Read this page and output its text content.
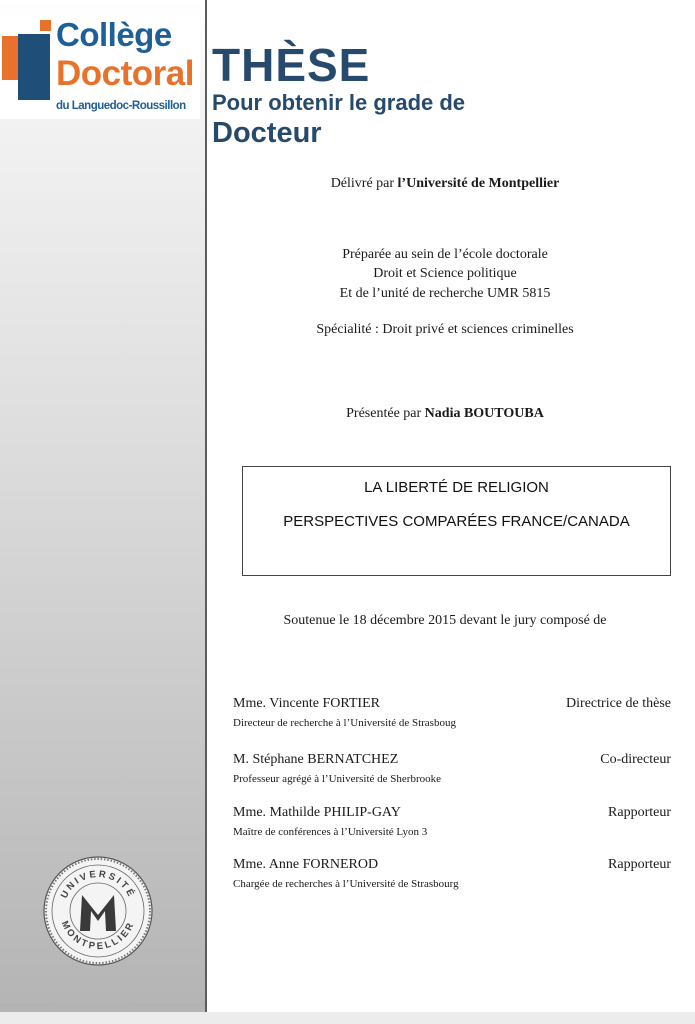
Collège
Doctoral
du Languedoc-Roussillon
UNIVERSITÉ
MONTPELLIER
THÈSE
Pour obtenir le grade de
Docteur
Délivré par l’Université de Montpellier
Préparée au sein de l’école doctorale
Droit et Science politique
Et de l’unité de recherche UMR 5815
Spécialité : Droit privé et sciences criminelles
Présentée par Nadia BOUTOUBA
LA LIBERTÉ DE RELIGION
PERSPECTIVES COMPARÉES FRANCE/CANADA
Soutenue le 18 décembre 2015 devant le jury composé de
Mme. Vincente FORTIER	Directrice de thèse
Directeur de recherche à l’Université de Strasboug
M. Stéphane BERNATCHEZ	Co-directeur
Professeur agrégé à l’Université de Sherbrooke
Mme. Mathilde PHILIP-GAY	Rapporteur
Maître de conférences à l’Université Lyon 3
Mme. Anne FORNEROD	Rapporteur
Chargée de recherches à l’Université de Strasbourg
